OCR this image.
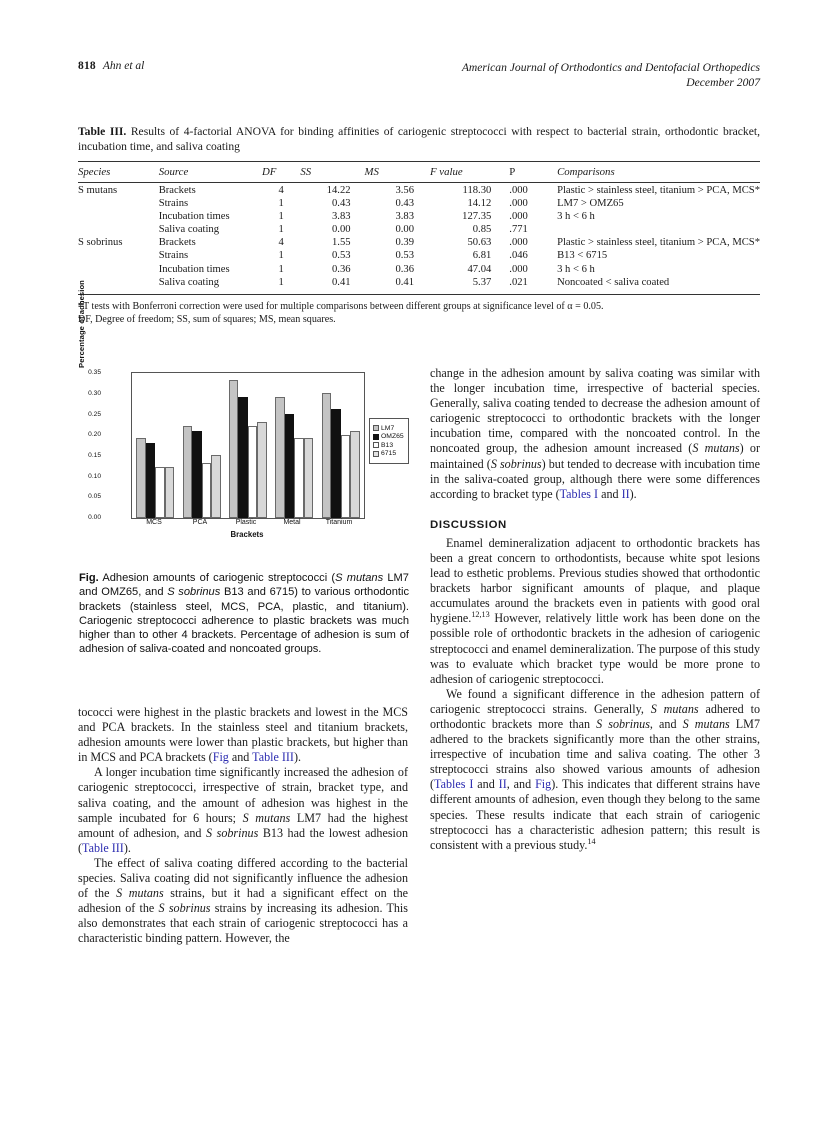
818 Ahn et al	American Journal of Orthodontics and Dentofacial Orthopedics
December 2007

Table III. Results of 4-factorial ANOVA for binding affinities of cariogenic streptococci with respect to bacterial strain, orthodontic bracket, incubation time, and saliva coating

Species	Source	DF	SS	MS	F value	P	Comparisons
S mutans	Brackets	4	14.22	3.56	118.30	.000	Plastic > stainless steel, titanium > PCA, MCS*
	Strains	1	0.43	0.43	14.12	.000	LM7 > OMZ65
	Incubation times	1	3.83	3.83	127.35	.000	3 h < 6 h
	Saliva coating	1	0.00	0.00	0.85	.771	
S sobrinus	Brackets	4	1.55	0.39	50.63	.000	Plastic > stainless steel, titanium > PCA, MCS*
	Strains	1	0.53	0.53	6.81	.046	B13 < 6715
	Incubation times	1	0.36	0.36	47.04	.000	3 h < 6 h
	Saliva coating	1	0.41	0.41	5.37	.021	Noncoated < saliva coated
*T tests with Bonferroni correction were used for multiple comparisons between different groups at significance level of α = 0.05.
DF, Degree of freedom; SS, sum of squares; MS, mean squares.
Percentage of adhesion
0.00
0.05
0.10
0.15
0.20
0.25
0.30
0.35
MCS	PCA	Plastic	Metal	Titanium
Brackets
LM7
OMZ65
B13
6715
Fig. Adhesion amounts of cariogenic streptococci (S mutans LM7 and OMZ65, and S sobrinus B13 and 6715) to various orthodontic brackets (stainless steel, MCS, PCA, plastic, and titanium). Cariogenic streptococci adherence to plastic brackets was much higher than to other 4 brackets. Percentage of adhesion is sum of adhesion of saliva-coated and noncoated groups.

tococci were highest in the plastic brackets and lowest in the MCS and PCA brackets. In the stainless steel and titanium brackets, adhesion amounts were lower than plastic brackets, but higher than in MCS and PCA brackets (Fig and Table III).

A longer incubation time significantly increased the adhesion of cariogenic streptococci, irrespective of strain, bracket type, and saliva coating, and the amount of adhesion was highest in the sample incubated for 6 hours; S mutans LM7 had the highest amount of adhesion, and S sobrinus B13 had the lowest adhesion (Table III).

The effect of saliva coating differed according to the bacterial species. Saliva coating did not significantly influence the adhesion of the S mutans strains, but it had a significant effect on the adhesion of the S sobrinus strains by increasing its adhesion. This also demonstrates that each strain of cariogenic streptococci has a characteristic binding pattern. However, the

change in the adhesion amount by saliva coating was similar with the longer incubation time, irrespective of bacterial species. Generally, saliva coating tended to decrease the adhesion amount of cariogenic streptococci to orthodontic brackets with the longer incubation time, compared with the noncoated control. In the noncoated group, the adhesion amount increased (S mutans) or maintained (S sobrinus) but tended to decrease with incubation time in the saliva-coated group, although there were some differences according to bracket type (Tables I and II).

DISCUSSION

Enamel demineralization adjacent to orthodontic brackets has been a great concern to orthodontists, because white spot lesions lead to esthetic problems. Previous studies showed that orthodontic brackets harbor significant amounts of plaque, and plaque accumulates around the brackets even in patients with good oral hygiene.$^{12,13}$ However, relatively little work has been done on the possible role of orthodontic brackets in the adhesion of cariogenic streptococci and enamel demineralization. The purpose of this study was to evaluate which bracket type would be more prone to adhesion of cariogenic streptococci.

We found a significant difference in the adhesion pattern of cariogenic streptococci strains. Generally, S mutans adhered to orthodontic brackets more than S sobrinus, and S mutans LM7 adhered to the brackets significantly more than the other strains, irrespective of incubation time and saliva coating. The other 3 streptococci strains also showed various amounts of adhesion (Tables I and II, and Fig). This indicates that different strains have different amounts of adhesion, even though they belong to the same species. These results indicate that each strain of cariogenic streptococci has a characteristic adhesion pattern; this result is consistent with a previous study.$^{14}$
